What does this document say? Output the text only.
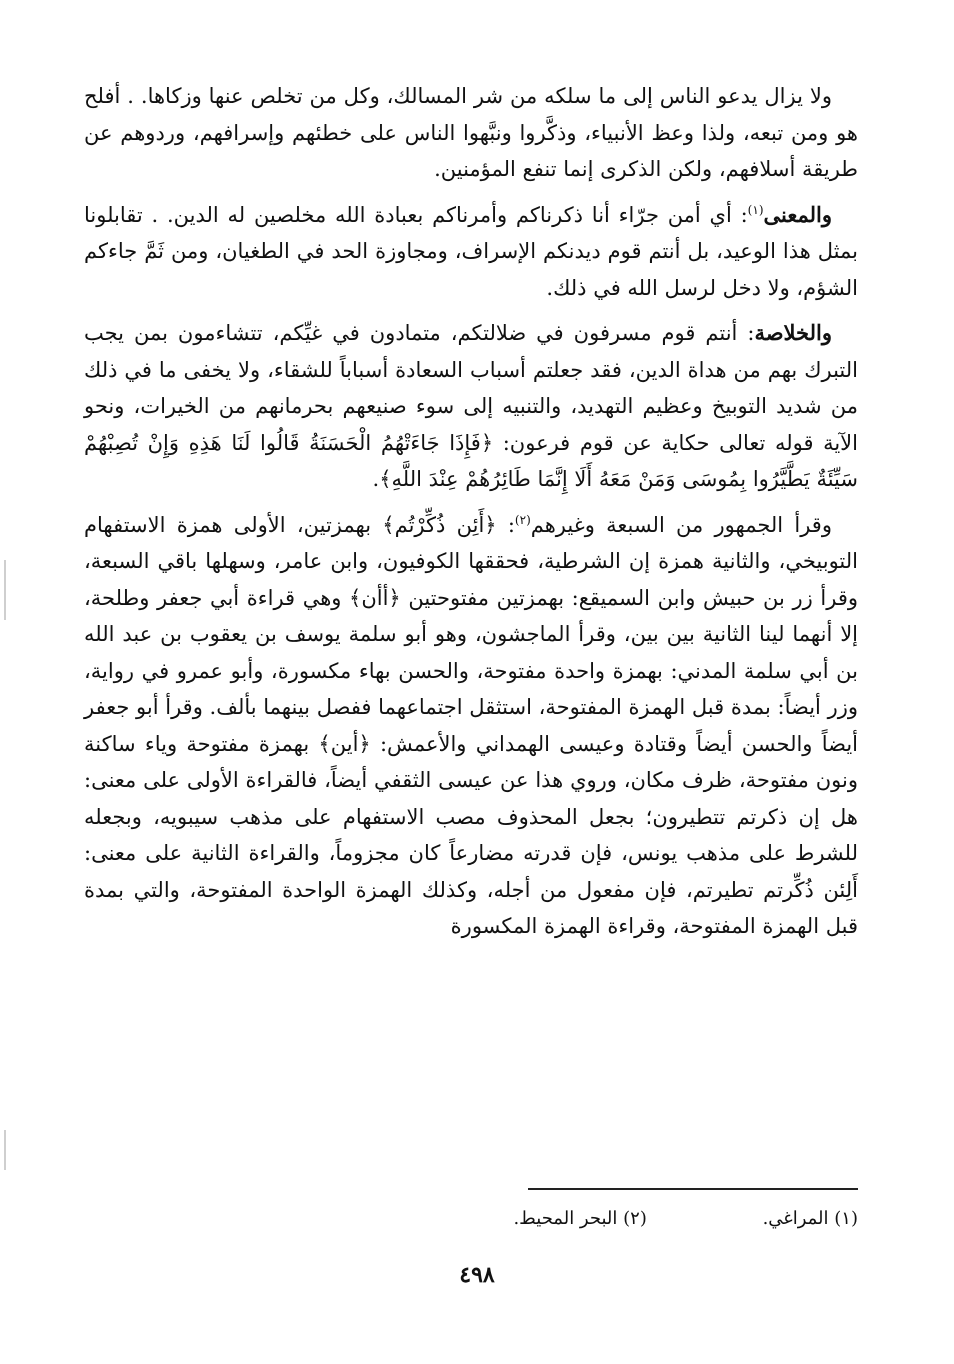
ولا يزال يدعو الناس إلى ما سلكه من شر المسالك، وكل من تخلص عنها وزكاها. . أفلح هو ومن تبعه، ولذا وعظ الأنبياء، وذكَّروا ونبَّهوا الناس على خطئهم وإسرافهم، وردوهم عن طريقة أسلافهم، ولكن الذكرى إنما تنفع المؤمنين.

والمعنى$^{(١)}$: أي أمن جرّاء أنا ذكرناكم وأمرناكم بعبادة الله مخلصين له الدين. . تقابلونا بمثل هذا الوعيد، بل أنتم قوم ديدنكم الإسراف، ومجاوزة الحد في الطغيان، ومن ثَمَّ جاءكم الشؤم، ولا دخل لرسل الله في ذلك.

والخلاصة: أنتم قوم مسرفون في ضلالتكم، متمادون في غيِّكم، تتشاءمون بمن يجب التبرك بهم من هداة الدين، فقد جعلتم أسباب السعادة أسباباً للشقاء، ولا يخفى ما في ذلك من شديد التوبيخ وعظيم التهديد، والتنبيه إلى سوء صنيعهم بحرمانهم من الخيرات، ونحو الآية قوله تعالى حكاية عن قوم فرعون: ﴿فَإِذَا جَاءَتْهُمُ الْحَسَنَةُ قَالُوا لَنَا هَذِهِ وَإِنْ تُصِبْهُمْ سَيِّئَةٌ يَطَّيَّرُوا بِمُوسَى وَمَنْ مَعَهُ أَلَا إِنَّمَا طَائِرُهُمْ عِنْدَ اللَّهِ﴾.

وقرأ الجمهور من السبعة وغيرهم$^{(٢)}$: ﴿أَئِن ذُكِّرْتُم﴾ بهمزتين، الأولى همزة الاستفهام التوبيخي، والثانية همزة إن الشرطية، فحققها الكوفيون، وابن عامر، وسهلها باقي السبعة، وقرأ زر بن حبيش وابن السميقع: بهمزتين مفتوحتين ﴿أأن﴾ وهي قراءة أبي جعفر وطلحة، إلا أنهما لينا الثانية بين بين، وقرأ الماجشون، وهو أبو سلمة يوسف بن يعقوب بن عبد الله بن أبي سلمة المدني: بهمزة واحدة مفتوحة، والحسن بهاء مكسورة، وأبو عمرو في رواية، وزر أيضاً: بمدة قبل الهمزة المفتوحة، استثقل اجتماعهما ففصل بينهما بألف. وقرأ أبو جعفر أيضاً والحسن أيضاً وقتادة وعيسى الهمداني والأعمش: ﴿أين﴾ بهمزة مفتوحة وياء ساكنة ونون مفتوحة، ظرف مكان، وروي هذا عن عيسى الثقفي أيضاً، فالقراءة الأولى على معنى: هل إن ذكرتم تتطيرون؛ بجعل المحذوف مصب الاستفهام على مذهب سيبويه، وبجعله للشرط على مذهب يونس، فإن قدرته مضارعاً كان مجزوماً، والقراءة الثانية على معنى: أَلِئن ذُكِّرتم تطيرتم، فإن مفعول من أجله، وكذلك الهمزة الواحدة المفتوحة، والتي بمدة قبل الهمزة المفتوحة، وقراءة الهمزة المكسورة

(١) المراغي. (٢) البحر المحيط.
٤٩٨
